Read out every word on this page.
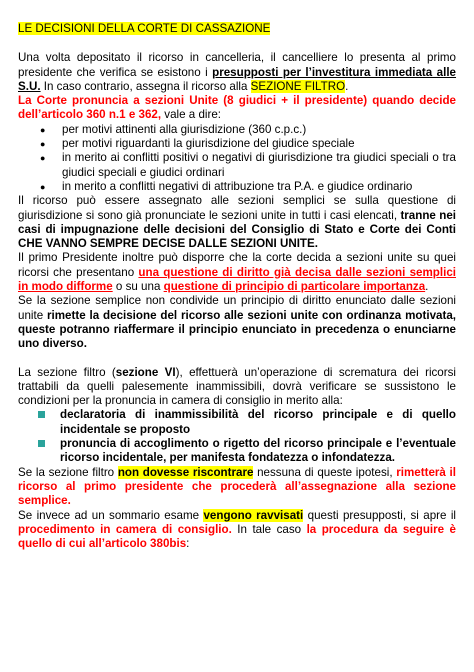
LE DECISIONI DELLA CORTE DI CASSAZIONE

Una volta depositato il ricorso in cancelleria, il cancelliere lo presenta al primo presidente che verifica se esistono i presupposti per l’investitura immediata alle S.U. In caso contrario, assegna il ricorso alla SEZIONE FILTRO.

La Corte pronuncia a sezioni Unite (8 giudici + il presidente) quando decide dell’articolo 360 n.1 e 362, vale a dire:

● per motivi attinenti alla giurisdizione (360 c.p.c.)
● per motivi riguardanti la giurisdizione del giudice speciale
● in merito ai conflitti positivi o negativi di giurisdizione tra giudici speciali o tra giudici speciali e giudici ordinari
● in merito a conflitti negativi di attribuzione tra P.A. e giudice ordinario

Il ricorso può essere assegnato alle sezioni semplici se sulla questione di giurisdizione si sono già pronunciate le sezioni unite in tutti i casi elencati, tranne nei casi di impugnazione delle decisioni del Consiglio di Stato e Corte dei Conti CHE VANNO SEMPRE DECISE DALLE SEZIONI UNITE.

Il primo Presidente inoltre può disporre che la corte decida a sezioni unite su quei ricorsi che presentano una questione di diritto già decisa dalle sezioni semplici in modo difforme o su una questione di principio di particolare importanza.

Se la sezione semplice non condivide un principio di diritto enunciato dalle sezioni unite rimette la decisione del ricorso alle sezioni unite con ordinanza motivata, queste potranno riaffermare il principio enunciato in precedenza o enunciarne uno diverso.

La sezione filtro (sezione VI), effettuerà un’operazione di scrematura dei ricorsi trattabili da quelli palesemente inammissibili, dovrà verificare se sussistono le condizioni per la pronuncia in camera di consiglio in merito alla:

declaratoria di inammissibilità del ricorso principale e di quello incidentale se proposto
pronuncia di accoglimento o rigetto del ricorso principale e l’eventuale ricorso incidentale, per manifesta fondatezza o infondatezza.

Se la sezione filtro non dovesse riscontrare nessuna di queste ipotesi, rimetterà il ricorso al primo presidente che procederà all’assegnazione alla sezione semplice.

Se invece ad un sommario esame vengono ravvisati questi presupposti, si apre il procedimento in camera di consiglio. In tale caso la procedura da seguire è quello di cui all’articolo 380bis:
